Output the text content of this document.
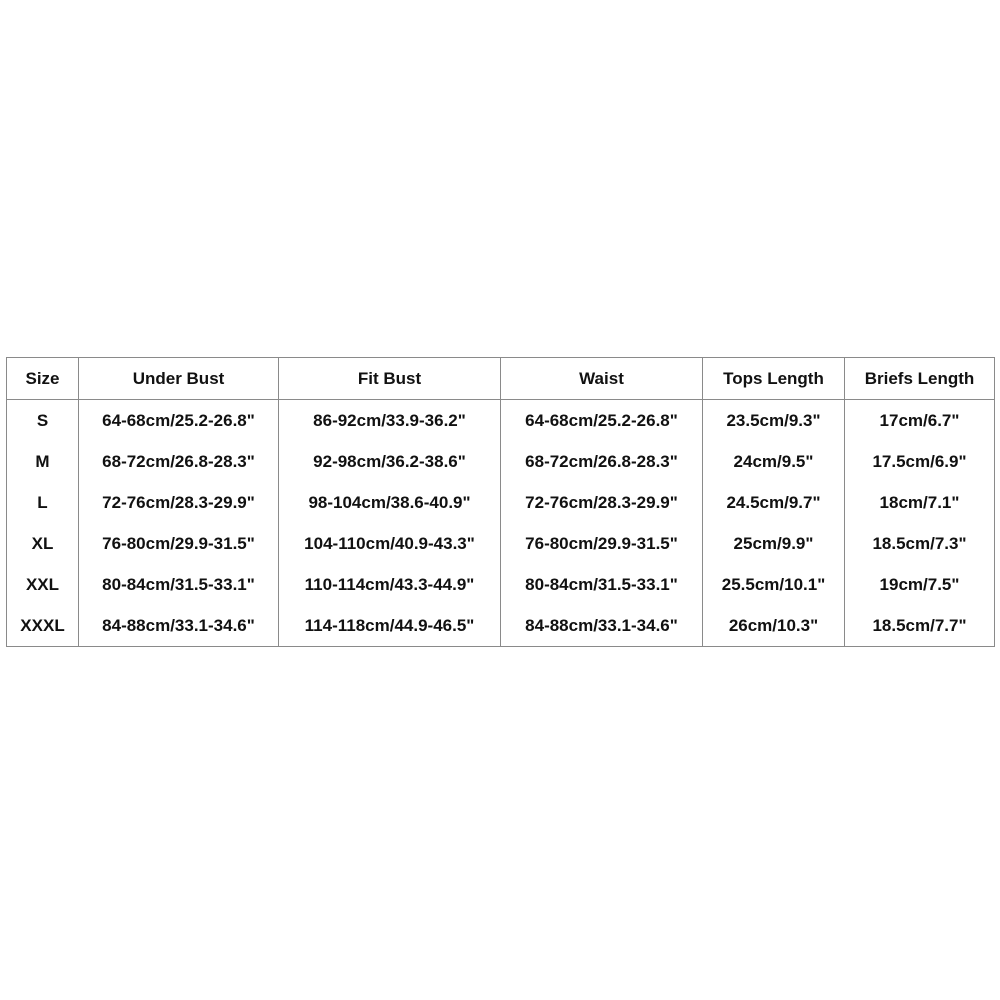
Size	Under Bust	Fit Bust	Waist	Tops Length	Briefs Length
S	64-68cm/25.2-26.8"	86-92cm/33.9-36.2"	64-68cm/25.2-26.8"	23.5cm/9.3"	17cm/6.7"
M	68-72cm/26.8-28.3"	92-98cm/36.2-38.6"	68-72cm/26.8-28.3"	24cm/9.5"	17.5cm/6.9"
L	72-76cm/28.3-29.9"	98-104cm/38.6-40.9"	72-76cm/28.3-29.9"	24.5cm/9.7"	18cm/7.1"
XL	76-80cm/29.9-31.5"	104-110cm/40.9-43.3"	76-80cm/29.9-31.5"	25cm/9.9"	18.5cm/7.3"
XXL	80-84cm/31.5-33.1"	110-114cm/43.3-44.9"	80-84cm/31.5-33.1"	25.5cm/10.1"	19cm/7.5"
XXXL	84-88cm/33.1-34.6"	114-118cm/44.9-46.5"	84-88cm/33.1-34.6"	26cm/10.3"	18.5cm/7.7"
